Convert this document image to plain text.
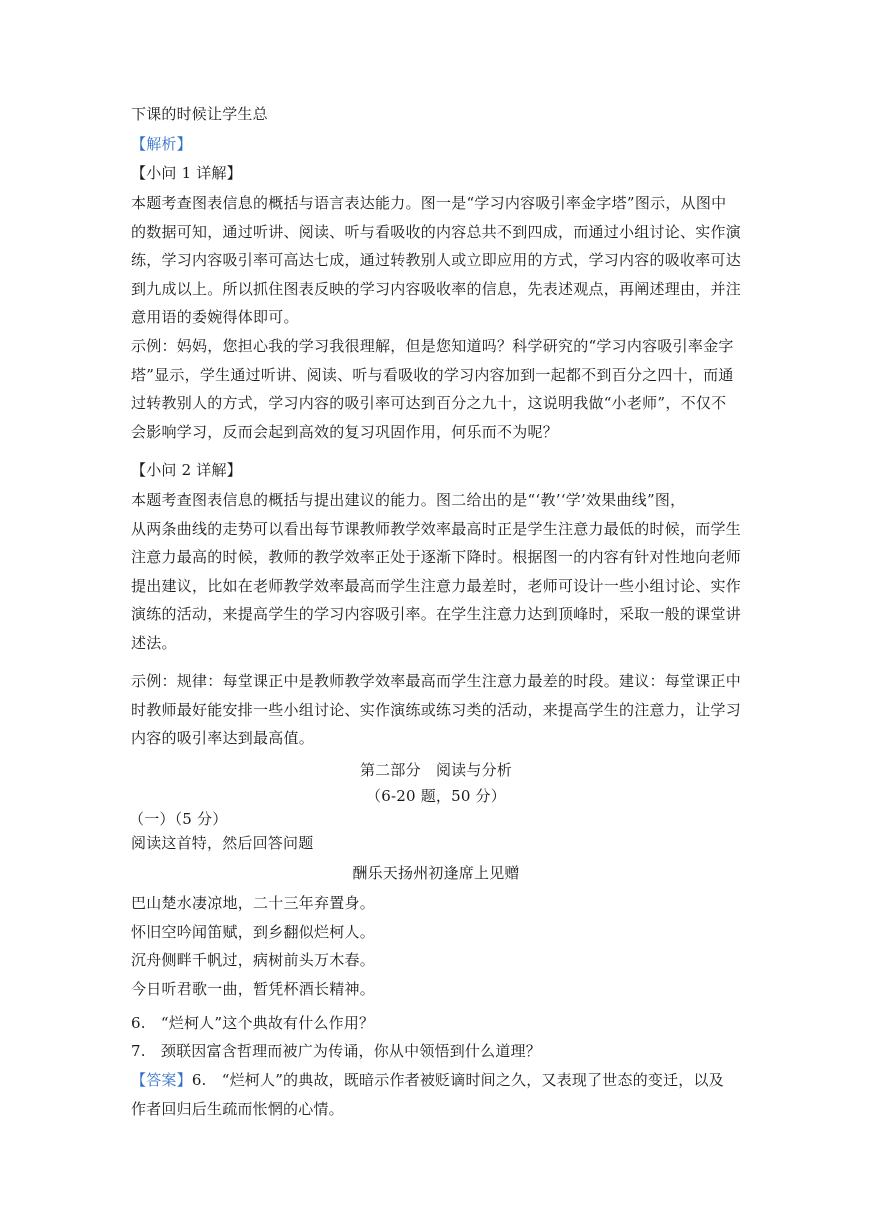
下课的时候让学生总
【解析】
【小问 1 详解】
本题考查图表信息的概括与语言表达能力。图一是“学习内容吸引率金字塔”图示，从图中
的数据可知，通过听讲、阅读、听与看吸收的内容总共不到四成，而通过小组讨论、实作演
练，学习内容吸引率可高达七成，通过转教别人或立即应用的方式，学习内容的吸收率可达
到九成以上。所以抓住图表反映的学习内容吸收率的信息，先表述观点，再阐述理由，并注
意用语的委婉得体即可。
示例：妈妈，您担心我的学习我很理解，但是您知道吗？科学研究的“学习内容吸引率金字
塔”显示，学生通过听讲、阅读、听与看吸收的学习内容加到一起都不到百分之四十，而通
过转教别人的方式，学习内容的吸引率可达到百分之九十，这说明我做“小老师”，不仅不
会影响学习，反而会起到高效的复习巩固作用，何乐而不为呢？
【小问 2 详解】
本题考查图表信息的概括与提出建议的能力。图二给出的是“‘教’‘学’效果曲线”图，
从两条曲线的走势可以看出每节课教师教学效率最高时正是学生注意力最低的时候，而学生
注意力最高的时候，教师的教学效率正处于逐渐下降时。根据图一的内容有针对性地向老师
提出建议，比如在老师教学效率最高而学生注意力最差时，老师可设计一些小组讨论、实作
演练的活动，来提高学生的学习内容吸引率。在学生注意力达到顶峰时，采取一般的课堂讲
述法。
示例：规律：每堂课正中是教师教学效率最高而学生注意力最差的时段。建议：每堂课正中
时教师最好能安排一些小组讨论、实作演练或练习类的活动，来提高学生的注意力，让学习
内容的吸引率达到最高值。
第二部分　阅读与分析
（6-20 题，50 分）
（一）（5 分）
阅读这首特，然后回答问题
酬乐天扬州初逢席上见赠
巴山楚水凄凉地，二十三年弃置身。
怀旧空吟闻笛赋，到乡翻似烂柯人。
沉舟侧畔千帆过，病树前头万木春。
今日听君歌一曲，暂凭杯酒长精神。
6.　“烂柯人”这个典故有什么作用？
7.　颈联因富含哲理而被广为传诵，你从中领悟到什么道理？
【答案】6.　“烂柯人”的典故，既暗示作者被贬谪时间之久，又表现了世态的变迁，以及
作者回归后生疏而怅惘的心情。
